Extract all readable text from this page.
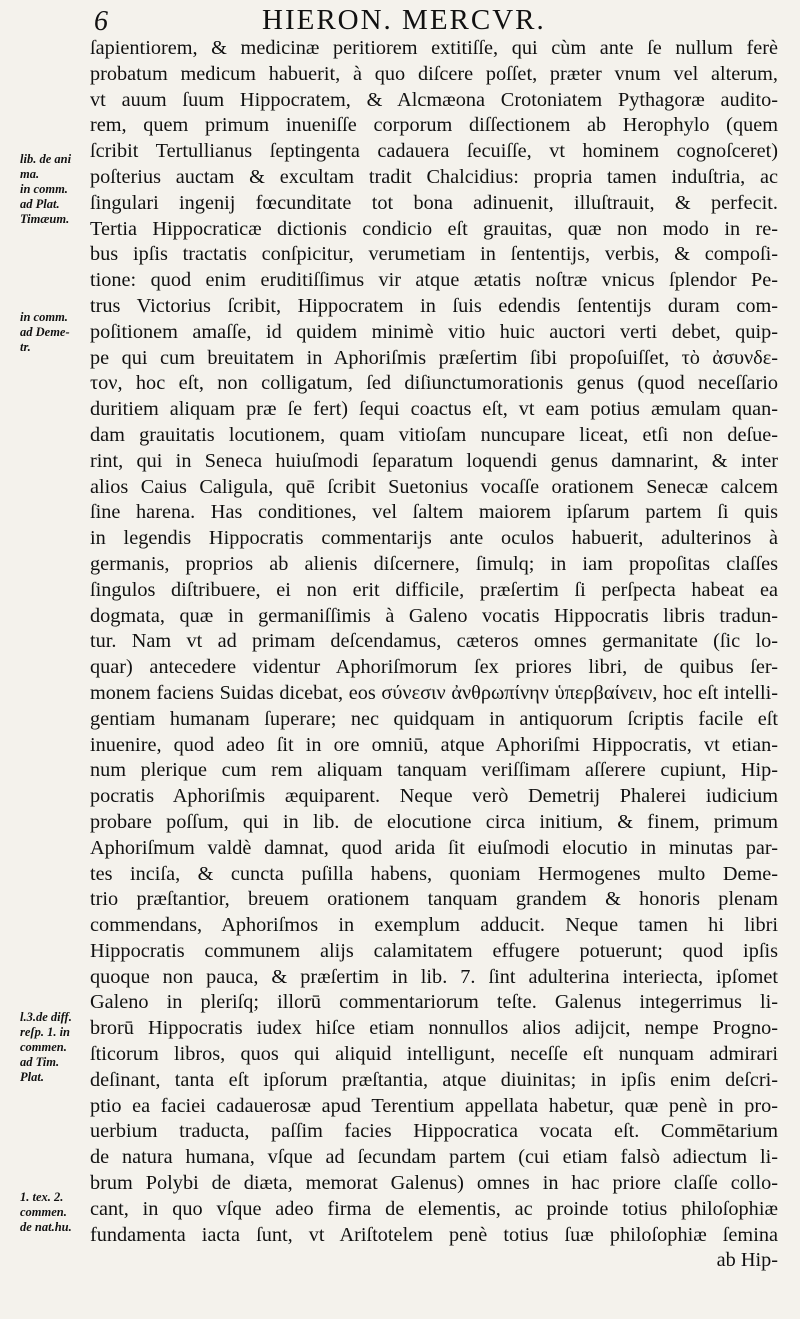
6	HIERON. MERCVR.
lib. de ani
ma.
in comm.
ad Plat.
Timæum.
in comm.
ad Deme-
tr.
l.3.de diff.
reſp. 1. in
commen.
ad Tim.
Plat.
1. tex. 2.
commen.
de nat.hu.
ſapientiorem, & medicinæ peritiorem extitiſſe, qui cùm ante ſe nullum ferè
probatum medicum habuerit, à quo diſcere poſſet, præter vnum vel alterum,
vt auum ſuum Hippocratem, & Alcmæona Crotoniatem Pythagoræ audito-
rem, quem primum inueniſſe corporum diſſectionem ab Herophylo (quem
ſcribit Tertullianus ſeptingenta cadauera ſecuiſſe, vt hominem cognoſceret)
poſterius auctam & excultam tradit Chalcidius: propria tamen induſtria, ac
ſingulari ingenij fœcunditate tot bona adinuenit, illuſtrauit, & perfecit.
Tertia Hippocraticæ dictionis condicio eſt grauitas, quæ non modo in re-
bus ipſis tractatis conſpicitur, verumetiam in ſententijs, verbis, & compoſi-
tione: quod enim eruditiſſimus vir atque ætatis noſtræ vnicus ſplendor Pe-
trus Victorius ſcribit, Hippocratem in ſuis edendis ſententijs duram com-
poſitionem amaſſe, id quidem minimè vitio huic auctori verti debet, quip-
pe qui cum breuitatem in Aphoriſmis præſertim ſibi propoſuiſſet, τὸ ἀσυνδε-
τον, hoc eſt, non colligatum, ſed diſiunctumorationis genus (quod neceſſario
duritiem aliquam præ ſe fert) ſequi coactus eſt, vt eam potius æmulam quan-
dam grauitatis locutionem, quam vitioſam nuncupare liceat, etſi non deſue-
rint, qui in Seneca huiuſmodi ſeparatum loquendi genus damnarint, & inter
alios Caius Caligula, quē ſcribit Suetonius vocaſſe orationem Senecæ calcem
ſine harena. Has conditiones, vel ſaltem maiorem ipſarum partem ſi quis
in legendis Hippocratis commentarijs ante oculos habuerit, adulterinos à
germanis, proprios ab alienis diſcernere, ſimulq; in iam propoſitas claſſes
ſingulos diſtribuere, ei non erit difficile, præſertim ſi perſpecta habeat ea
dogmata, quæ in germaniſſimis à Galeno vocatis Hippocratis libris tradun-
tur. Nam vt ad primam deſcendamus, cæteros omnes germanitate (ſic lo-
quar) antecedere videntur Aphoriſmorum ſex priores libri, de quibus ſer-
monem faciens Suidas dicebat, eos σύνεσιν ἀνθρωπίνην ὑπερβαίνειν, hoc eſt intelli-
gentiam humanam ſuperare; nec quidquam in antiquorum ſcriptis facile eſt
inuenire, quod adeo ſit in ore omniū, atque Aphoriſmi Hippocratis, vt etian-
num plerique cum rem aliquam tanquam veriſſimam aſſerere cupiunt, Hip-
pocratis Aphoriſmis æquiparent. Neque verò Demetrij Phalerei iudicium
probare poſſum, qui in lib. de elocutione circa initium, & finem, primum
Aphoriſmum valdè damnat, quod arida ſit eiuſmodi elocutio in minutas par-
tes inciſa, & cuncta puſilla habens, quoniam Hermogenes multo Deme-
trio præſtantior, breuem orationem tanquam grandem & honoris plenam
commendans, Aphoriſmos in exemplum adducit. Neque tamen hi libri
Hippocratis communem alijs calamitatem effugere potuerunt; quod ipſis
quoque non pauca, & præſertim in lib. 7. ſint adulterina interiecta, ipſomet
Galeno in pleriſq; illorū commentariorum teſte. Galenus integerrimus li-
brorū Hippocratis iudex hiſce etiam nonnullos alios adijcit, nempe Progno-
ſticorum libros, quos qui aliquid intelligunt, neceſſe eſt nunquam admirari
deſinant, tanta eſt ipſorum præſtantia, atque diuinitas; in ipſis enim deſcri-
ptio ea faciei cadauerosæ apud Terentium appellata habetur, quæ penè in pro-
uerbium traducta, paſſim facies Hippocratica vocata eſt. Commētarium
de natura humana, vſque ad ſecundam partem (cui etiam falsò adiectum li-
brum Polybi de diæta, memorat Galenus) omnes in hac priore claſſe collo-
cant, in quo vſque adeo firma de elementis, ac proinde totius philoſophiæ
fundamenta iacta ſunt, vt Ariſtotelem penè totius ſuæ philoſophiæ ſemina
ab Hip-
